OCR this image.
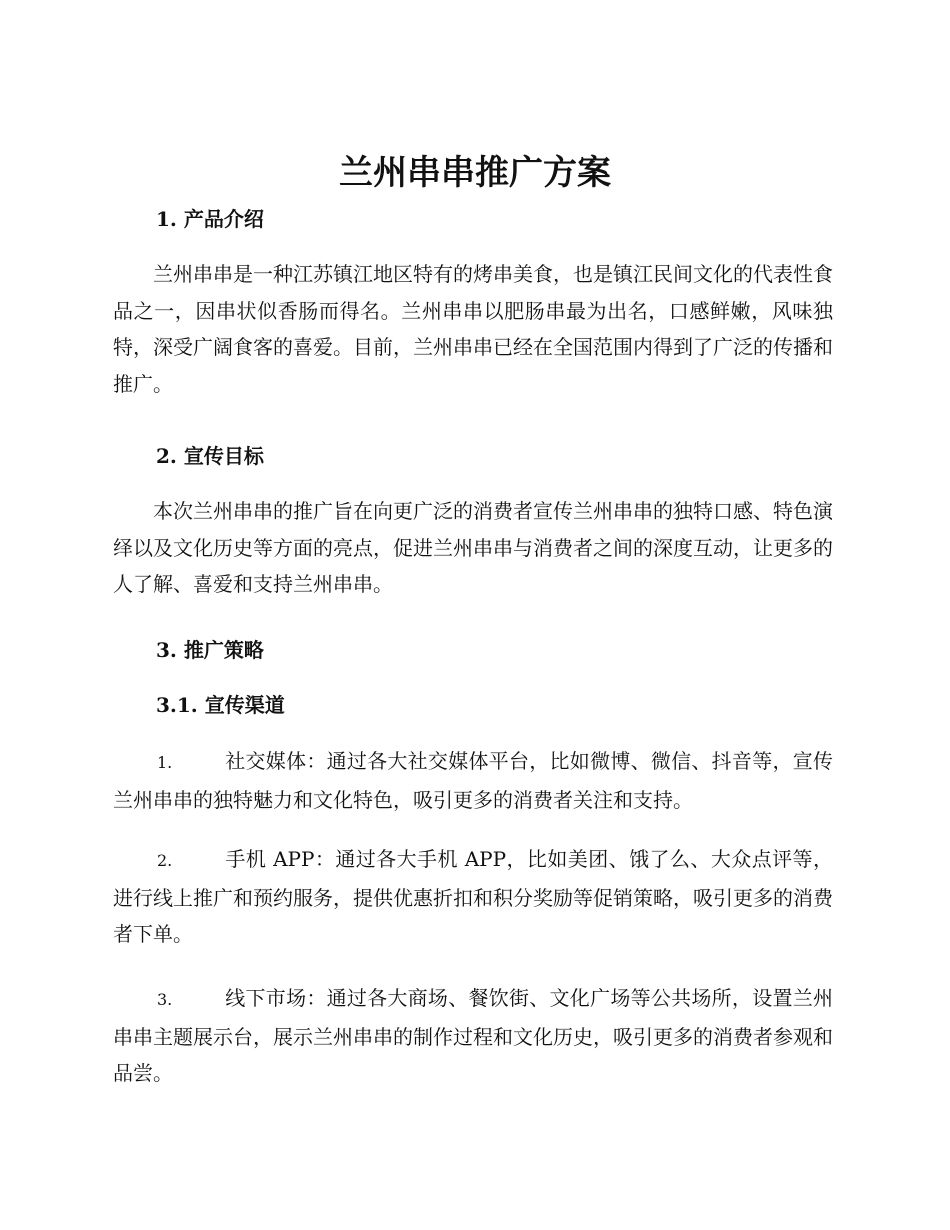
兰州串串推广方案
1. 产品介绍

兰州串串是一种江苏镇江地区特有的烤串美食，也是镇江民间文化的代表性食品之一，因串状似香肠而得名。兰州串串以肥肠串最为出名，口感鲜嫩，风味独特，深受广阔食客的喜爱。目前，兰州串串已经在全国范围内得到了广泛的传播和推广。

2. 宣传目标

本次兰州串串的推广旨在向更广泛的消费者宣传兰州串串的独特口感、特色演绎以及文化历史等方面的亮点，促进兰州串串与消费者之间的深度互动，让更多的人了解、喜爱和支持兰州串串。

3. 推广策略
3.1. 宣传渠道

1.	社交媒体：通过各大社交媒体平台，比如微博、微信、抖音等，宣传兰州串串的独特魅力和文化特色，吸引更多的消费者关注和支持。

2.	手机 APP：通过各大手机 APP，比如美团、饿了么、大众点评等，进行线上推广和预约服务，提供优惠折扣和积分奖励等促销策略，吸引更多的消费者下单。

3.	线下市场：通过各大商场、餐饮街、文化广场等公共场所，设置兰州串串主题展示台，展示兰州串串的制作过程和文化历史，吸引更多的消费者参观和品尝。
